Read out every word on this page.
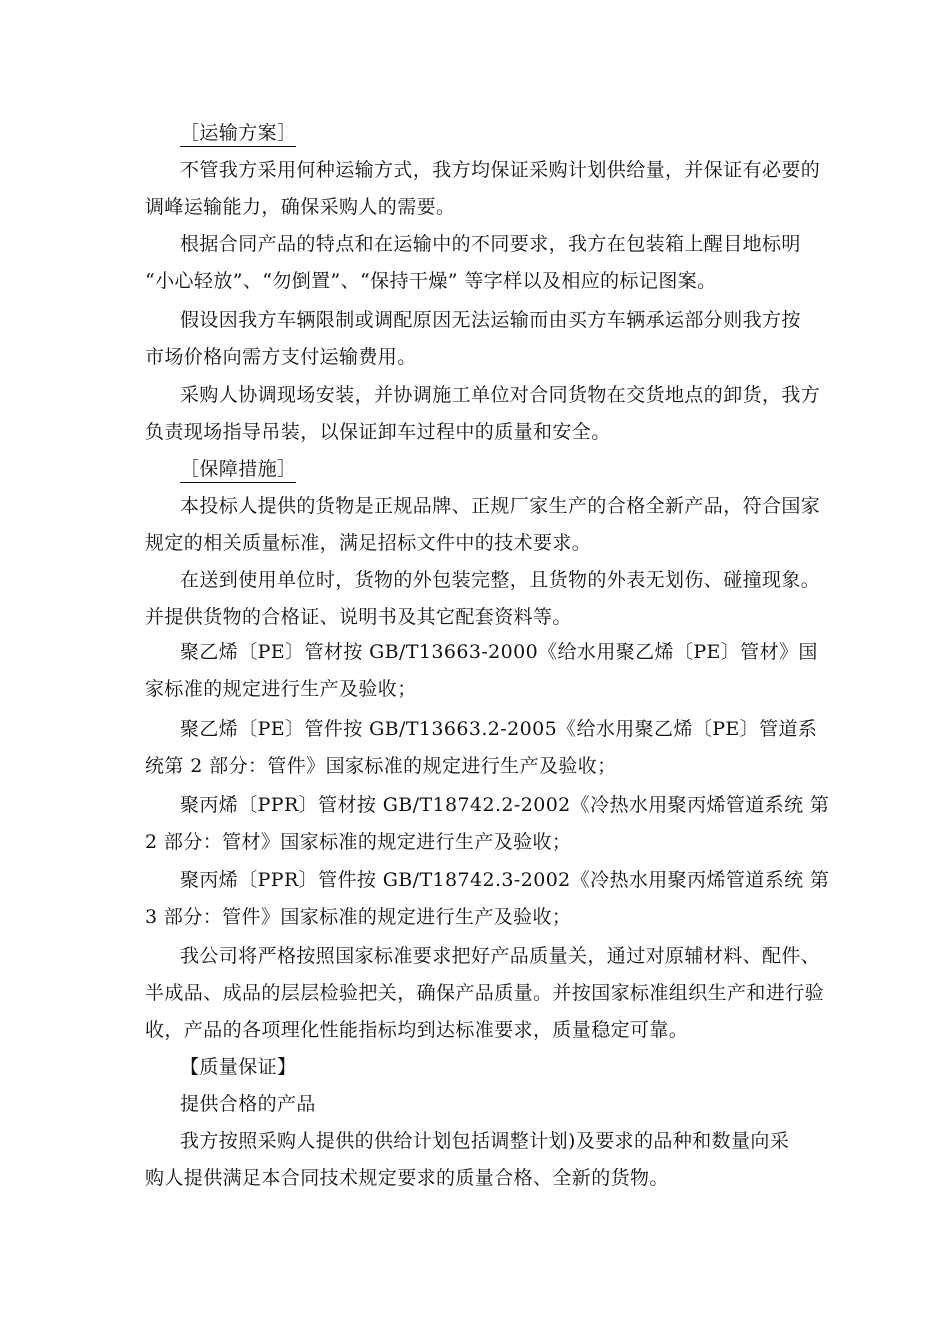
［运输方案］
不管我方采用何种运输方式，我方均保证采购计划供给量，并保证有必要的
调峰运输能力，确保采购人的需要。
根据合同产品的特点和在运输中的不同要求，我方在包装箱上醒目地标明
“小心轻放”、“勿倒置”、“保持干燥” 等字样以及相应的标记图案。
假设因我方车辆限制或调配原因无法运输而由买方车辆承运部分则我方按
市场价格向需方支付运输费用。
采购人协调现场安装，并协调施工单位对合同货物在交货地点的卸货，我方
负责现场指导吊装，以保证卸车过程中的质量和安全。
［保障措施］
本投标人提供的货物是正规品牌、正规厂家生产的合格全新产品，符合国家
规定的相关质量标准，满足招标文件中的技术要求。
在送到使用单位时，货物的外包装完整，且货物的外表无划伤、碰撞现象。
并提供货物的合格证、说明书及其它配套资料等。
聚乙烯〔PE〕管材按 GB/T13663-2000《给水用聚乙烯〔PE〕管材》国
家标准的规定进行生产及验收；
聚乙烯〔PE〕管件按 GB/T13663.2-2005《给水用聚乙烯〔PE〕管道系
统第 2 部分：管件》国家标准的规定进行生产及验收；
聚丙烯〔PPR〕管材按 GB/T18742.2-2002《冷热水用聚丙烯管道系统 第
2 部分：管材》国家标准的规定进行生产及验收；
聚丙烯〔PPR〕管件按 GB/T18742.3-2002《冷热水用聚丙烯管道系统 第
3 部分：管件》国家标准的规定进行生产及验收；
我公司将严格按照国家标准要求把好产品质量关，通过对原辅材料、配件、
半成品、成品的层层检验把关，确保产品质量。并按国家标准组织生产和进行验
收，产品的各项理化性能指标均到达标准要求，质量稳定可靠。
【质量保证】
提供合格的产品
我方按照采购人提供的供给计划包括调整计划)及要求的品种和数量向采
购人提供满足本合同技术规定要求的质量合格、全新的货物。
